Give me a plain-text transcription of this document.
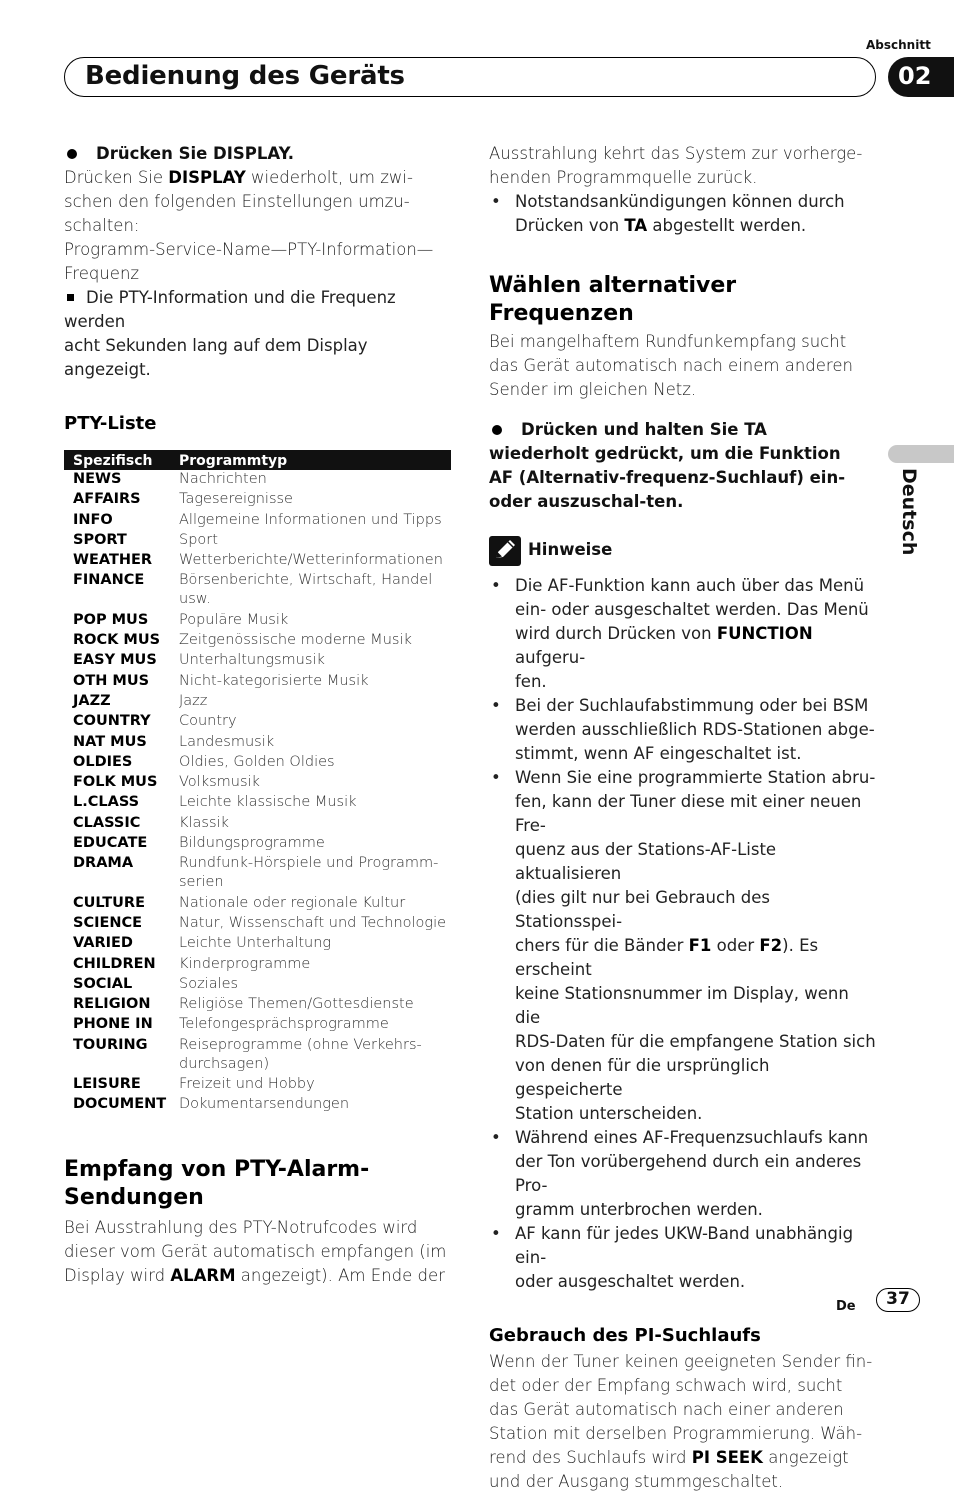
Abschnitt
Bedienung des Geräts	02
Deutsch
Drücken Sie DISPLAY.
Drücken Sie DISPLAY wiederholt, um zwi-
schen den folgenden Einstellungen umzu-
schalten:
Programm-Service-Name—PTY-Information—
Frequenz
Die PTY-Information und die Frequenz werden
acht Sekunden lang auf dem Display angezeigt.
PTY-Liste
Spezifisch	Programmtyp
NEWS	Nachrichten
AFFAIRS	Tagesereignisse
INFO	Allgemeine Informationen und Tipps
SPORT	Sport
WEATHER	Wetterberichte/Wetterinformationen
FINANCE	Börsenberichte, Wirtschaft, Handel usw.
POP MUS	Populäre Musik
ROCK MUS	Zeitgenössische moderne Musik
EASY MUS	Unterhaltungsmusik
OTH MUS	Nicht-kategorisierte Musik
JAZZ	Jazz
COUNTRY	Country
NAT MUS	Landesmusik
OLDIES	Oldies, Golden Oldies
FOLK MUS	Volksmusik
L.CLASS	Leichte klassische Musik
CLASSIC	Klassik
EDUCATE	Bildungsprogramme
DRAMA	Rundfunk-Hörspiele und Programm-serien
CULTURE	Nationale oder regionale Kultur
SCIENCE	Natur, Wissenschaft und Technologie
VARIED	Leichte Unterhaltung
CHILDREN	Kinderprogramme
SOCIAL	Soziales
RELIGION	Religiöse Themen/Gottesdienste
PHONE IN	Telefongesprächsprogramme
TOURING	Reiseprogramme (ohne Verkehrs-durchsagen)
LEISURE	Freizeit und Hobby
DOCUMENT	Dokumentarsendungen
Empfang von PTY-Alarm-
Sendungen
Bei Ausstrahlung des PTY-Notrufcodes wird
dieser vom Gerät automatisch empfangen (im
Display wird ALARM angezeigt). Am Ende der
Ausstrahlung kehrt das System zur vorherge-
henden Programmquelle zurück.
• Notstandsankündigungen können durch
Drücken von TA abgestellt werden.
Wählen alternativer Frequenzen
Bei mangelhaftem Rundfunkempfang sucht
das Gerät automatisch nach einem anderen
Sender im gleichen Netz.
Drücken und halten Sie TA wiederholt gedrückt, um die Funktion AF (Alternativ-frequenz-Suchlauf) ein- oder auszuschal-ten.
Hinweise
• Die AF-Funktion kann auch über das Menü
ein- oder ausgeschaltet werden. Das Menü
wird durch Drücken von FUNCTION aufgeru-
fen.
• Bei der Suchlaufabstimmung oder bei BSM
werden ausschließlich RDS-Stationen abge-
stimmt, wenn AF eingeschaltet ist.
• Wenn Sie eine programmierte Station abru-
fen, kann der Tuner diese mit einer neuen Fre-
quenz aus der Stations-AF-Liste aktualisieren
(dies gilt nur bei Gebrauch des Stationsspei-
chers für die Bänder F1 oder F2). Es erscheint
keine Stationsnummer im Display, wenn die
RDS-Daten für die empfangene Station sich
von denen für die ursprünglich gespeicherte
Station unterscheiden.
• Während eines AF-Frequenzsuchlaufs kann
der Ton vorübergehend durch ein anderes Pro-
gramm unterbrochen werden.
• AF kann für jedes UKW-Band unabhängig ein-
oder ausgeschaltet werden.
Gebrauch des PI-Suchlaufs
Wenn der Tuner keinen geeigneten Sender fin-
det oder der Empfang schwach wird, sucht
das Gerät automatisch nach einer anderen
Station mit derselben Programmierung. Wäh-
rend des Suchlaufs wird PI SEEK angezeigt
und der Ausgang stummgeschaltet.
De	37
